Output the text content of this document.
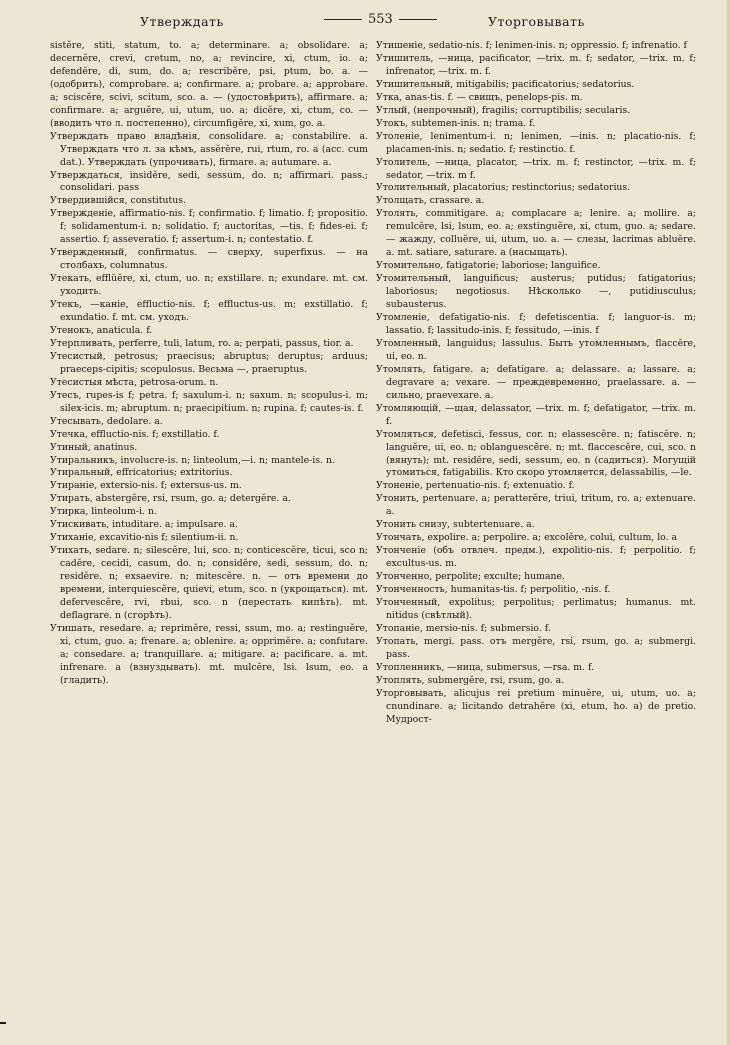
Утверждать	553	Уторговывать

sistĕre, stiti, statum, to. a; determinare. a; obsolidare. a; decernĕre, crevi, cretum, no, a; revincire, xi, ctum, io. a; defendĕre, di, sum, do. a; rescribĕre, psi, ptum, bo. a. — (одобрить), comprobare. a; confirmare. a; probare. a; approbare. a; sciscĕre, scivi, scitum, sco. a. — (удостовѣрить), affirmare. a; confirmare. a; arguĕre, ui, utum, uo. a; dicĕre, xi, ctum, co. — (вводить что л. постепенно), circumfigĕre, xi, xum, go. a.

Утверждать право владѣнія, consolidare. a; constabilire. a. Утверждать что л. за кѣмъ, assĕrĕre, rui, rtum, ro. a (acc. cum dat.). Утверждать (упрочивать), firmare. a; autumare. a.

Утверждаться, insidĕre, sedi, sessum, do. n; affirmari. pass.; consolidari. pass

Утвердившійся, constitutus.

Утвержденіе, affirmatio-nis. f; confirmatio. f; limatio. f; propositio. f; solidamentum-i. n; solidatio. f; auctoritas, —tis. f; fides-ei. f; assertio. f; asseveratio. f; assertum-i. n; contestatio. f.

Утвержденный, confirmatus. — сверху, superfixus. — на столбахъ, columnatus.

Утекать, efflŭĕre, xi, ctum, uo. n; exstillare. n; exundare. mt. см. уходить.

Утекъ, —каніе, effluctio-nis. f; effluctus-us. m; exstillatio. f; exundatio. f. mt. см. уходъ.

Утенокъ, anaticula. f.

Утерпливать, perferre, tuli, latum, ro. a; perpati, passus, tior. a.

Утесистый, petrosus; praecisus; abruptus; deruptus; arduus; praeceps-cipitis; scopulosus. Весьма —, praeruptus.

Утесистыя мѣста, petrosa-orum. n.

Утесъ, rupes-is f; petra. f; saxulum-i. n; saxum. n; scopulus-i. m; silex-icis. m; abruptum. n; praecipitium. n; rupina. f; cautes-is. f.

Утесывать, dedolare. a.

Утечка, effluctio-nis. f; exstillatio. f.

Утиный, anatinus.

Утиральникъ, involucre-is. n; linteolum,—i. n; mantele-is. n.

Утиральный, effricatorius; extritorius.

Утираніе, extersio-nis. f; extersus-us. m.

Утирать, abstergĕre, rsi, rsum, go. a; detergĕre. a.

Утирка, linteolum-i. n.

Утискивать, intuditare. a; impulsare. a.

Утиханіе, excavitio-nis f; silentium-ii. n.

Утихать, sedare. n; silescĕre, lui, sco. n; conticescĕre, ticui, sco n; cadĕre, cecidi, casum, do. n; considĕre, sedi, sessum, do. n; residĕre. n; exsaevire. n; mitescĕre. n. — отъ времени до времени, interquiescĕre, quievi, etum, sco. n (укрощаться). mt. defervescĕre, rvi, rbui, sco. n (перестать кипѣть). mt. deflagrare. n (сгорѣть).

Утишать, resedare. a; reprimĕre, ressi, ssum, mo. a; restinguĕre, xi, ctum, guo. a; frenare. a; oblenire. a; opprimĕre. a; confutare. a; consedare. a; tranquillare. a; mitigare. a; pacificare. a. mt. infrenare. a (взнуздывать). mt. mulcĕre, lsi. lsum, eo. a (гладить).

Утишеніе, sedatio-nis. f; lenimen-inis. n; oppressio. f; infrenatio. f

Утишитель, —ница, pacificator, —trix. m. f; sedator, —trix. m. f; infrenator, —trix. m. f.

Утишительный, mitigabilis; pacificatorius; sedatorius.

Утка, anas-tis. f. — свищъ, penelops-pis. m.

Утлый, (непрочный), fragilis; corruptibilis; secularis.

Утокъ, subtemen-inis. n; trama. f.

Утоленіе, lenimentum-i. n; lenimen, —inis. n; placatio-nis. f; placamen-inis. n; sedatio. f; restinctio. f.

Утолитель, —ница, placator, —trix. m. f; restinctor, —trix. m. f; sedator, —trix. m f.

Утолительный, placatorius; restinctorius; sedatorius.

Утолщать, crassare. a.

Утолять, commitigare. a; complacare a; lenire. a; mollire. a; remulcĕre, lsi, lsum, eo. a; exstinguĕre, xi, ctum, guo. a; sedare. — жажду, colluĕre, ui, utum, uo. a. — слезы, lacrimas abluĕre. a. mt. satiare, saturare. a (насыщать).

Утомительно, fatigatorie; laboriose; languifice.

Утомительный, languificus; austerus; putidus; fatigatorius; laboriosus; negotiosus. Нѣсколько —, putidiusculus; subausterus.

Утомленіе, defatigatio-nis. f; defetiscentia. f; languor-is. m; lassatio. f; lassitudo-inis. f; fessitudo, —inis. f

Утомленный, languidus; lassulus. Быть утомленнымъ, flaccĕre, ui, eo. n.

Утомлять, fatigare. a; defatigare. a; delassare. a; lassare. a; degravare a; vexare. — преждевременно, praelassare. a. — сильно, praevexare. a.

Утомляющій, —щая, delassator, —trix. m. f; defatigator, —trix. m. f.

Утомляться, defetisci, fessus, cor. n; elassescĕre. n; fatiscĕre. n; languĕre, ui, eo. n; oblanguescĕre. n; mt. flaccescĕre, cui, sco. n (вянуть); mt. residĕre, sedi, sessum, eo. n (садиться). Могущій утомиться, fatigabilis. Кто скоро утомляется, delassabilis, —le.

Утоненіе, pertenuatio-nis. f; extenuatio. f.

Утонить, pertenuare. a; peratterĕre, triui, tritum, ro. a; extenuare. a.

Утонить снизу, subtertenuare. a.

Утончать, expolire. a; perpolire. a; excolĕre, colui, cultum, lo. a

Утонченіе (объ отвлеч. предм.), expolitio-nis. f; perpolitio. f; excultus-us. m.

Утонченно, perpolite; exculte; humane.

Утонченность, humanitas-tis. f; perpolitio, -nis. f.

Утонченный, expolitus; perpolitus; perlimatus; humanus. mt. nitidus (свѣтлый).

Утопаніе, mersio-nis. f; submersio. f.

Утопать, mergi. pass. отъ mergĕre, rsi, rsum, go. a; submergi. pass.

Утопленникъ, —ница, submersus, —rsa. m. f.

Утоплять, submergĕre, rsi, rsum, go. a.

Уторговывать, alicujus rei pretium minuĕre, ui, utum, uo. a; cnundinare. a; licitando detrahĕre (xi, etum, ho. a) de pretio. Мудрост-
